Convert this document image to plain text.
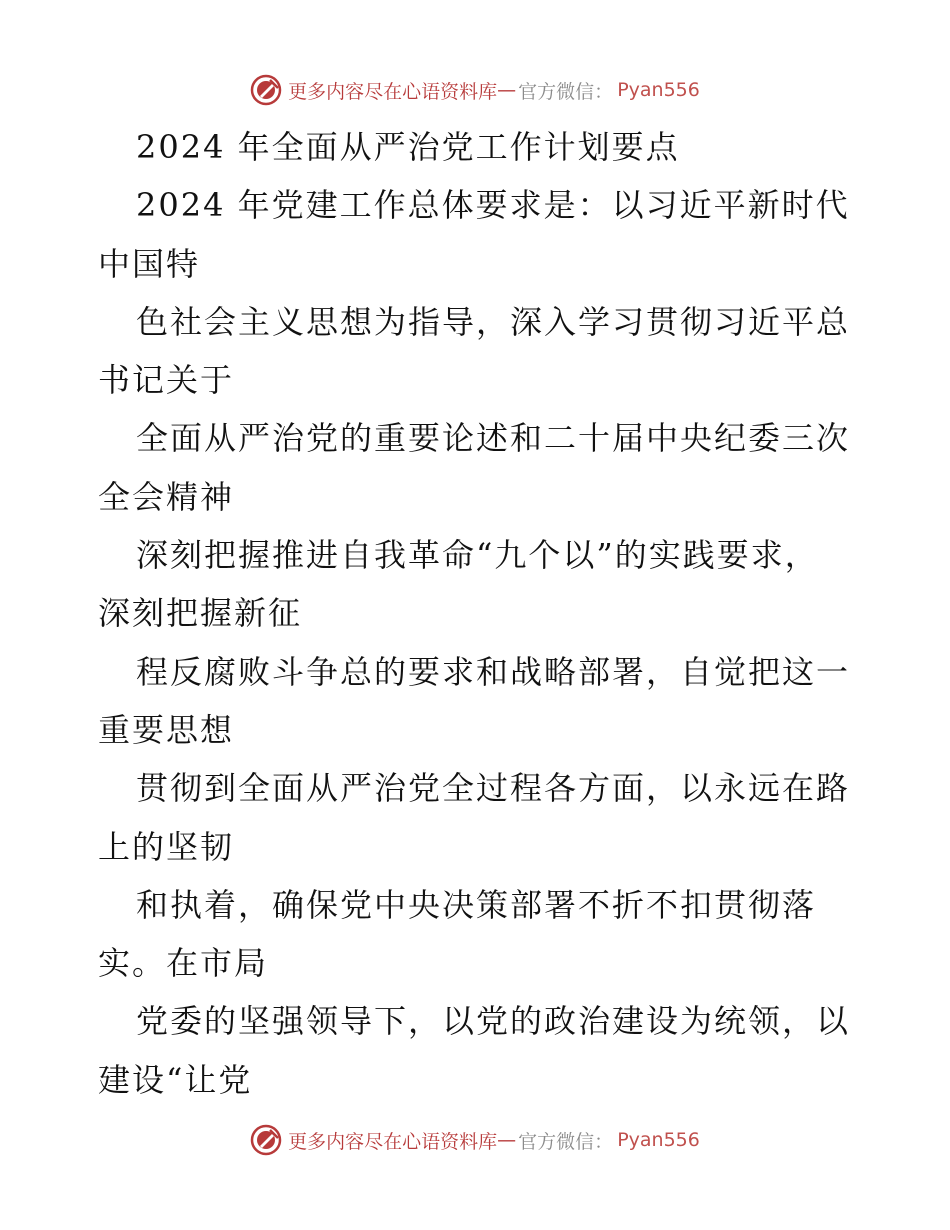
更多内容尽在心语资料库 — 官方微信： Pyan556
2024 年全面从严治党工作计划要点
2024 年党建工作总体要求是：以习近平新时代
中国特
色社会主义思想为指导，深入学习贯彻习近平总
书记关于
全面从严治党的重要论述和二十届中央纪委三次
全会精神
深刻把握推进自我革命“九个以”的实践要求，
深刻把握新征
程反腐败斗争总的要求和战略部署，自觉把这一
重要思想
贯彻到全面从严治党全过程各方面，以永远在路
上的坚韧
和执着，确保党中央决策部署不折不扣贯彻落
实。在市局
党委的坚强领导下，以党的政治建设为统领，以
建设“让党
更多内容尽在心语资料库 — 官方微信： Pyan556
